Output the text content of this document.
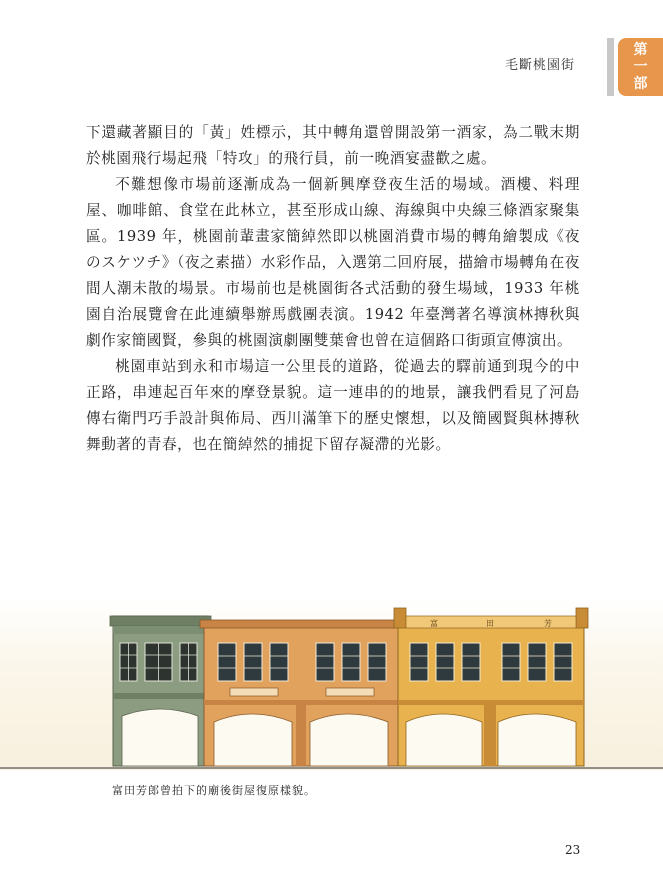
毛斷桃園街
第
一
部

下還藏著顯目的「黃」姓標示，其中轉角還曾開設第一酒家，為二戰末期於桃園飛行場起飛「特攻」的飛行員，前一晚酒宴盡歡之處。

不難想像市場前逐漸成為一個新興摩登夜生活的場域。酒樓、料理屋、咖啡館、食堂在此林立，甚至形成山線、海線與中央線三條酒家聚集區。1939 年，桃園前輩畫家簡綽然即以桃園消費市場的轉角繪製成《夜のスケツチ》（夜之素描）水彩作品，入選第二回府展，描繪市場轉角在夜間人潮未散的場景。市場前也是桃園街各式活動的發生場域，1933 年桃園自治展覽會在此連續舉辦馬戲團表演。1942 年臺灣著名導演林摶秋與劇作家簡國賢，參與的桃園演劇團雙葉會也曾在這個路口街頭宣傳演出。

桃園車站到永和市場這一公里長的道路，從過去的驛前通到現今的中正路，串連起百年來的摩登景貌。這一連串的的地景，讓我們看見了河島傳右衛門巧手設計與佈局、西川滿筆下的歷史懷想，以及簡國賢與林摶秋舞動著的青春，也在簡綽然的捕捉下留存凝滯的光影。

富	田	芳
富田芳郎曾拍下的廟後街屋復原樣貌。
23
